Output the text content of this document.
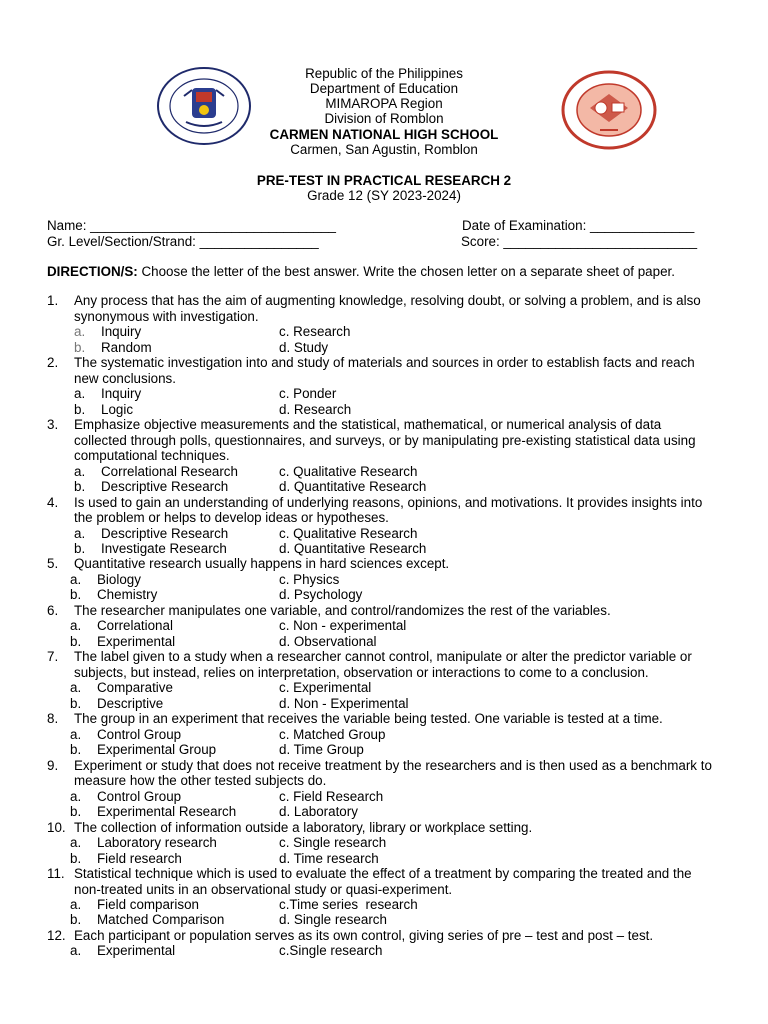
Republic of the Philippines
Department of Education
MIMAROPA Region
Division of Romblon
CARMEN NATIONAL HIGH SCHOOL
Carmen, San Agustin, Romblon
PRE-TEST IN PRACTICAL RESEARCH 2
Grade 12 (SY 2023-2024)
Name: _________________________________
Gr. Level/Section/Strand: ________________
Date of Examination: ______________
Score: __________________________
DIRECTION/S: Choose the letter of the best answer. Write the chosen letter on a separate sheet of paper.
1. Any process that has the aim of augmenting knowledge, resolving doubt, or solving a problem, and is also synonymous with investigation.
a. Inquiry	c. Research
b. Random	d. Study
2. The systematic investigation into and study of materials and sources in order to establish facts and reach new conclusions.
a. Inquiry	c. Ponder
b. Logic	d. Research
3. Emphasize objective measurements and the statistical, mathematical, or numerical analysis of data collected through polls, questionnaires, and surveys, or by manipulating pre-existing statistical data using computational techniques.
a. Correlational Research	c. Qualitative Research
b. Descriptive Research	d. Quantitative Research
4. Is used to gain an understanding of underlying reasons, opinions, and motivations. It provides insights into the problem or helps to develop ideas or hypotheses.
a. Descriptive Research	c. Qualitative Research
b. Investigate Research	d. Quantitative Research
5. Quantitative research usually happens in hard sciences except.
a. Biology	c. Physics
b. Chemistry	d. Psychology
6. The researcher manipulates one variable, and control/randomizes the rest of the variables.
a. Correlational	c. Non - experimental
b. Experimental	d. Observational
7. The label given to a study when a researcher cannot control, manipulate or alter the predictor variable or subjects, but instead, relies on interpretation, observation or interactions to come to a conclusion.
a. Comparative	c. Experimental
b. Descriptive	d. Non - Experimental
8. The group in an experiment that receives the variable being tested. One variable is tested at a time.
a. Control Group	c. Matched Group
b. Experimental Group	d. Time Group
9. Experiment or study that does not receive treatment by the researchers and is then used as a benchmark to measure how the other tested subjects do.
a. Control Group	c. Field Research
b. Experimental Research	d. Laboratory
10. The collection of information outside a laboratory, library or workplace setting.
a. Laboratory research	c. Single research
b. Field research	d. Time research
11. Statistical technique which is used to evaluate the effect of a treatment by comparing the treated and the non-treated units in an observational study or quasi-experiment.
a. Field comparison	c.Time series  research
b. Matched Comparison	d. Single research
12. Each participant or population serves as its own control, giving series of pre – test and post – test.
a. Experimental	c.Single research
